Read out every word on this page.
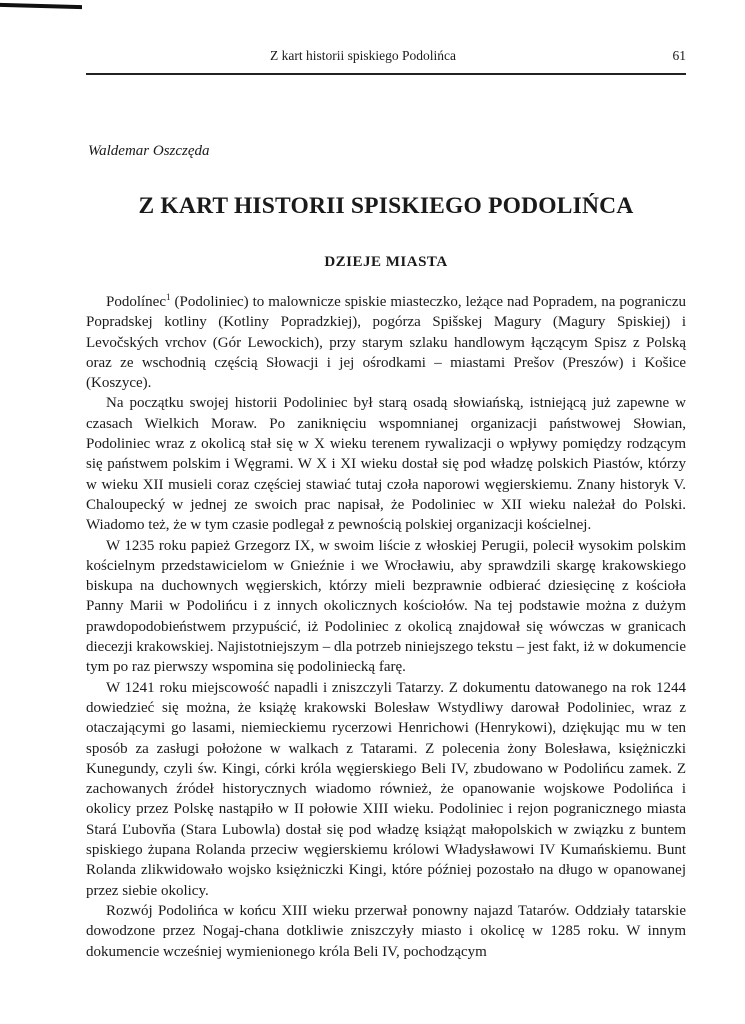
Z kart historii spiskiego Podolińca	61
Waldemar Oszczęda
Z KART HISTORII SPISKIEGO PODOLIŃCA
DZIEJE MIASTA

Podolínec$^1$ (Podoliniec) to malownicze spiskie miasteczko, leżące nad Popradem, na pograniczu Popradskej kotliny (Kotliny Popradzkiej), pogórza Spišskej Magury (Magury Spiskiej) i Levočských vrchov (Gór Lewockich), przy starym szlaku handlowym łączącym Spisz z Polską oraz ze wschodnią częścią Słowacji i jej ośrodkami – miastami Prešov (Preszów) i Košice (Koszyce).

Na początku swojej historii Podoliniec był starą osadą słowiańską, istniejącą już zapewne w czasach Wielkich Moraw. Po zaniknięciu wspomnianej organizacji państwowej Słowian, Podoliniec wraz z okolicą stał się w X wieku terenem rywalizacji o wpływy pomiędzy rodzącym się państwem polskim i Węgrami. W X i XI wieku dostał się pod władzę polskich Piastów, którzy w wieku XII musieli coraz częściej stawiać tutaj czoła naporowi węgierskiemu. Znany historyk V. Chaloupecký w jednej ze swoich prac napisał, że Podoliniec w XII wieku należał do Polski. Wiadomo też, że w tym czasie podlegał z pewnością polskiej organizacji kościelnej.

W 1235 roku papież Grzegorz IX, w swoim liście z włoskiej Perugii, polecił wysokim polskim kościelnym przedstawicielom w Gnieźnie i we Wrocławiu, aby sprawdzili skargę krakowskiego biskupa na duchownych węgierskich, którzy mieli bezprawnie odbierać dziesięcinę z kościoła Panny Marii w Podolińcu i z innych okolicznych kościołów. Na tej podstawie można z dużym prawdopodobieństwem przypuścić, iż Podoliniec z okolicą znajdował się wówczas w granicach diecezji krakowskiej. Najistotniejszym – dla potrzeb niniejszego tekstu – jest fakt, iż w dokumencie tym po raz pierwszy wspomina się podoliniecką farę.

W 1241 roku miejscowość napadli i zniszczyli Tatarzy. Z dokumentu datowanego na rok 1244 dowiedzieć się można, że książę krakowski Bolesław Wstydliwy darował Podoliniec, wraz z otaczającymi go lasami, niemieckiemu rycerzowi Henrichowi (Henrykowi), dziękując mu w ten sposób za zasługi położone w walkach z Tatarami. Z polecenia żony Bolesława, księżniczki Kunegundy, czyli św. Kingi, córki króla węgierskiego Beli IV, zbudowano w Podolińcu zamek. Z zachowanych źródeł historycznych wiadomo również, że opanowanie wojskowe Podolińca i okolicy przez Polskę nastąpiło w II połowie XIII wieku. Podoliniec i rejon pogranicznego miasta Stará Ľubovňa (Stara Lubowla) dostał się pod władzę książąt małopolskich w związku z buntem spiskiego żupana Rolanda przeciw węgierskiemu królowi Władysławowi IV Kumańskiemu. Bunt Rolanda zlikwidowało wojsko księżniczki Kingi, które później pozostało na długo w opanowanej przez siebie okolicy.

Rozwój Podolińca w końcu XIII wieku przerwał ponowny najazd Tatarów. Oddziały tatarskie dowodzone przez Nogaj-chana dotkliwie zniszczyły miasto i okolicę w 1285 roku. W innym dokumencie wcześniej wymienionego króla Beli IV, pochodzącym
